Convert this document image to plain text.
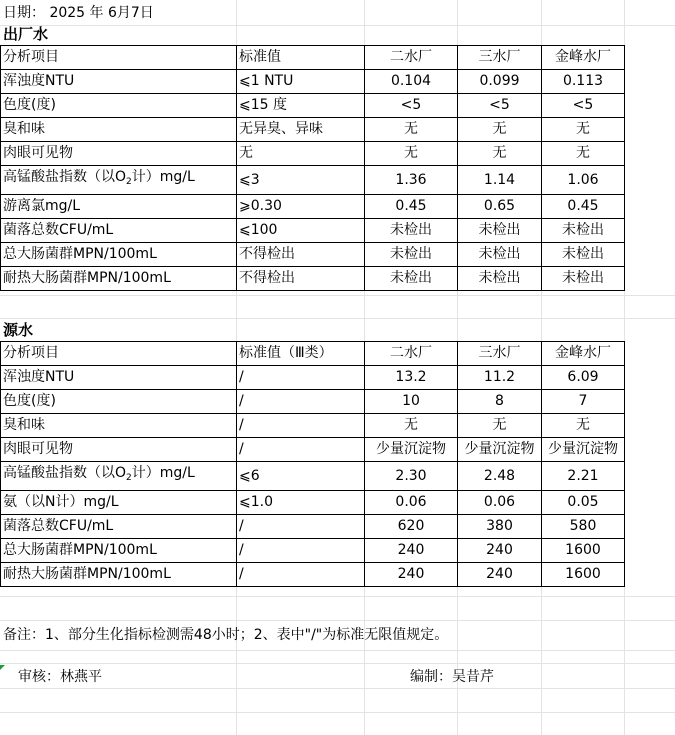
日期： 2025 年 6月7日
出厂水
分析项目	标准值	二水厂	三水厂	金峰水厂
浑浊度NTU	⩽1 NTU	0.104	0.099	0.113
色度(度)	⩽15 度	<5	<5	<5
臭和味	无异臭、异味	无	无	无
肉眼可见物	无	无	无	无
高锰酸盐指数（以$O_2$计）mg/L	⩽3	1.36	1.14	1.06
游离氯mg/L	⩾0.30	0.45	0.65	0.45
菌落总数CFU/mL	⩽100	未检出	未检出	未检出
总大肠菌群MPN/100mL	不得检出	未检出	未检出	未检出
耐热大肠菌群MPN/100mL	不得检出	未检出	未检出	未检出
源水
分析项目	标准值（Ⅲ类）	二水厂	三水厂	金峰水厂
浑浊度NTU	/	13.2	11.2	6.09
色度(度)	/	10	8	7
臭和味	/	无	无	无
肉眼可见物	/	少量沉淀物	少量沉淀物	少量沉淀物
高锰酸盐指数（以$O_2$计）mg/L	⩽6	2.30	2.48	2.21
氨（以N计）mg/L	⩽1.0	0.06	0.06	0.05
菌落总数CFU/mL	/	620	380	580
总大肠菌群MPN/100mL	/	240	240	1600
耐热大肠菌群MPN/100mL	/	240	240	1600
备注：1、部分生化指标检测需48小时；2、表中"/"为标准无限值规定。
审核：林燕平	编制：吴昔芹
